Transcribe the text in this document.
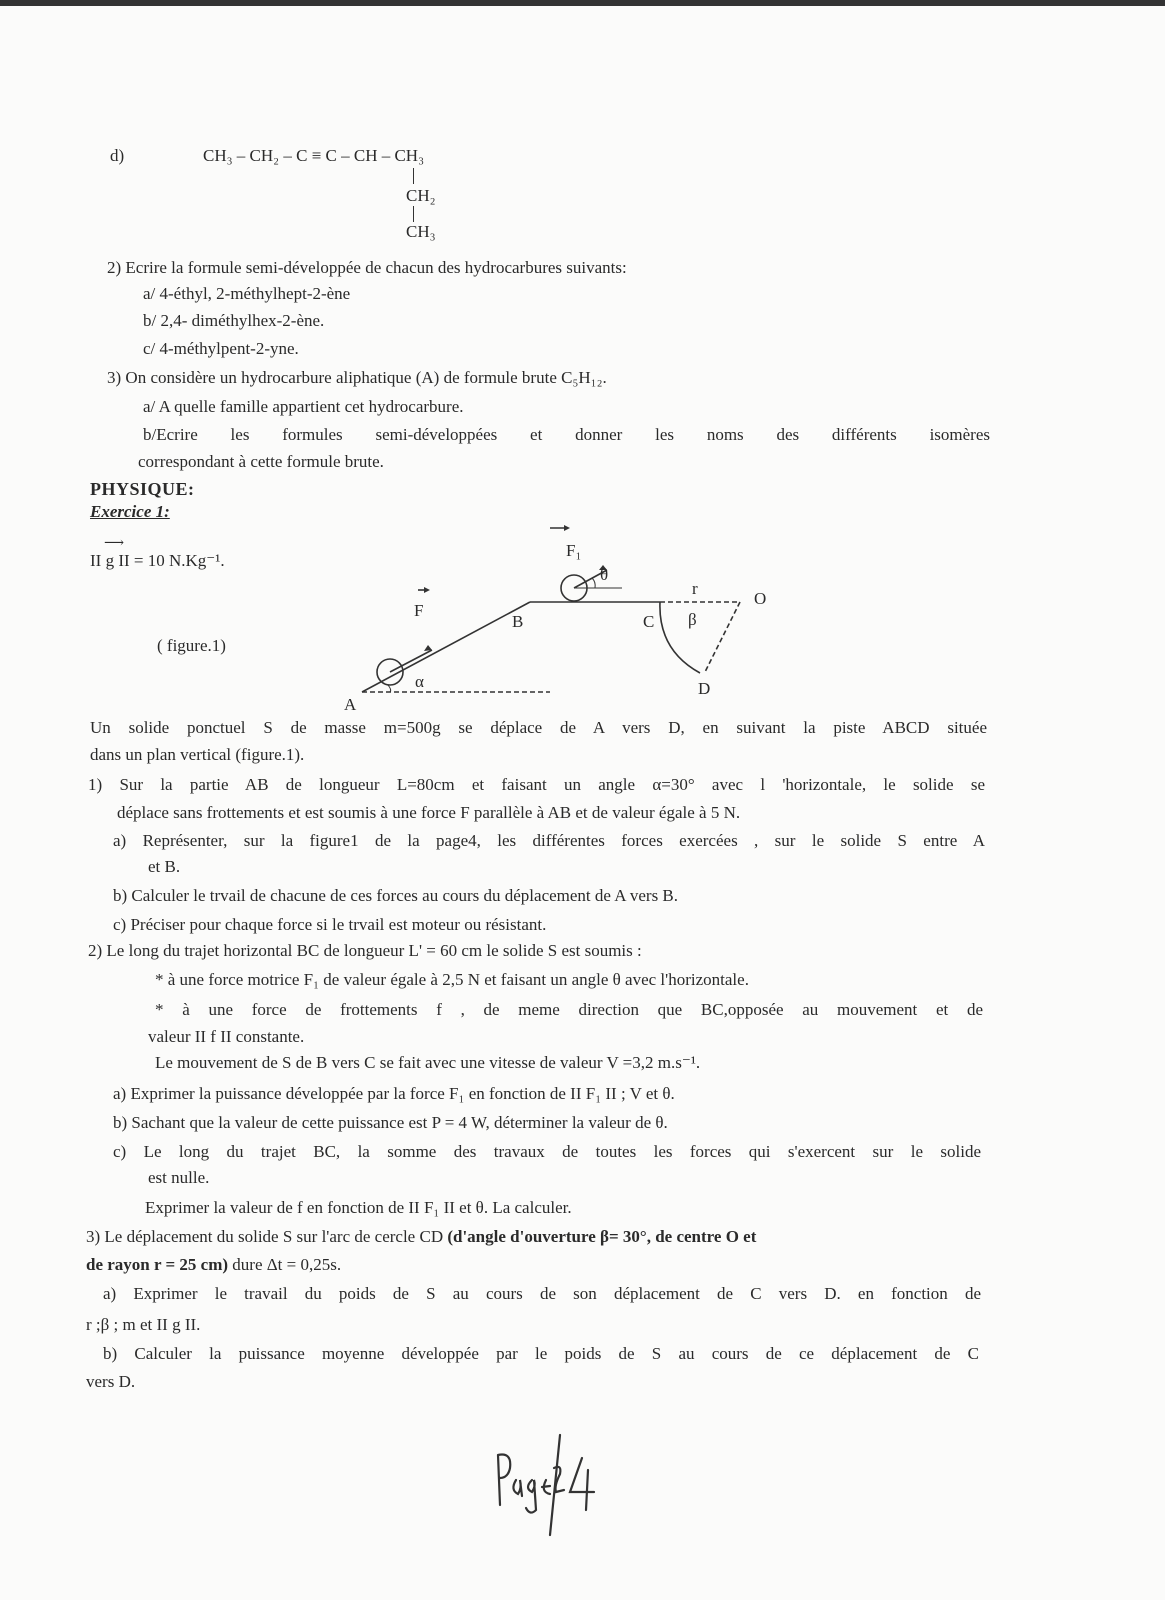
d)	CH₃ – CH₂ – C ≡ C – CH – CH₃
CH₂
CH₃
2) Ecrire la formule semi-développée de chacun des hydrocarbures suivants:
a/ 4-éthyl, 2-méthylhept-2-ène
b/ 2,4- diméthylhex-2-ène.
c/ 4-méthylpent-2-yne.
3) On considère un hydrocarbure aliphatique (A) de formule brute C₅H₁₂.
a/ A quelle famille appartient cet hydrocarbure.
b/Ecrire les formules semi-développées et donner les noms des différents isomères
correspondant à cette formule brute.
PHYSIQUE:
Exercice 1:
⟶
II g II = 10 N.Kg⁻¹.
( figure.1)
A
B	C
D
O
F
F₁
α
β
θ
r
Un solide ponctuel S de masse m=500g se déplace de A vers D, en suivant la piste ABCD située
dans un plan vertical (figure.1).
1) Sur la partie AB de longueur L=80cm et faisant un angle α=30° avec l 'horizontale, le solide se
déplace sans frottements et est soumis à une force F parallèle à AB et de valeur égale à 5 N.
a) Représenter, sur la figure1 de la page4, les différentes forces exercées , sur le solide S entre A
et B.
b) Calculer le trvail de chacune de ces forces au cours du déplacement de A vers B.
c) Préciser pour chaque force si le trvail est moteur ou résistant.
2) Le long du trajet horizontal BC de longueur L' = 60 cm le solide S est soumis :
* à une force motrice F₁ de valeur égale à 2,5 N et faisant un angle θ avec l'horizontale.
* à une force de frottements f , de meme direction que BC,opposée au mouvement et de
valeur II f II constante.
Le mouvement de S de B vers C se fait avec une vitesse de valeur V =3,2 m.s⁻¹.
a) Exprimer la puissance développée par la force F₁ en fonction de II F₁ II ; V et θ.
b) Sachant que la valeur de cette puissance est P = 4 W, déterminer la valeur de θ.
c) Le long du trajet BC, la somme des travaux de toutes les forces qui s'exercent sur le solide
est nulle.
Exprimer la valeur de f en fonction de II F₁ II et θ. La calculer.
3) Le déplacement du solide S sur l'arc de cercle CD (d'angle d'ouverture β= 30°, de centre O et
de rayon r = 25 cm) dure Δt = 0,25s.
a) Exprimer le travail du poids de S au cours de son déplacement de C vers D. en fonction de
r ;β ; m et II g II.
b) Calculer la puissance moyenne développée par le poids de S au cours de ce déplacement de C
vers D.
